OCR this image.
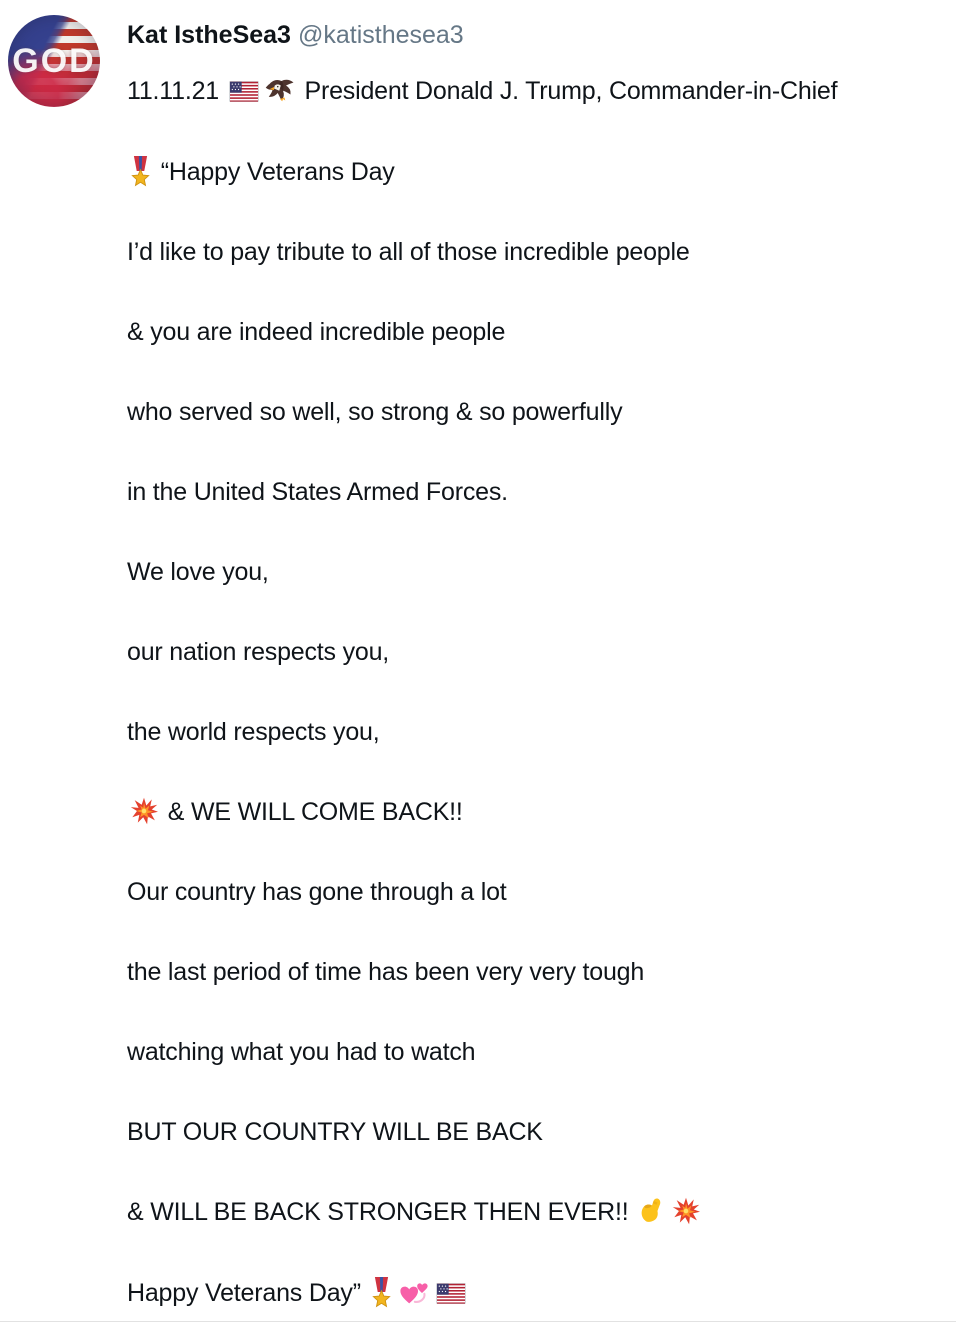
GOD
Kat IstheSea3 @katisthesea3

11.11.21	President Donald J. Trump, Commander-in-Chief

“Happy Veterans Day

I’d like to pay tribute to all of those incredible people

& you are indeed incredible people

who served so well, so strong & so powerfully

in the United States Armed Forces.

We love you,

our nation respects you,

the world respects you,

& WE WILL COME BACK!!

Our country has gone through a lot

the last period of time has been very very tough

watching what you had to watch

BUT OUR COUNTRY WILL BE BACK

& WILL BE BACK STRONGER THEN EVER!!

Happy Veterans Day”
